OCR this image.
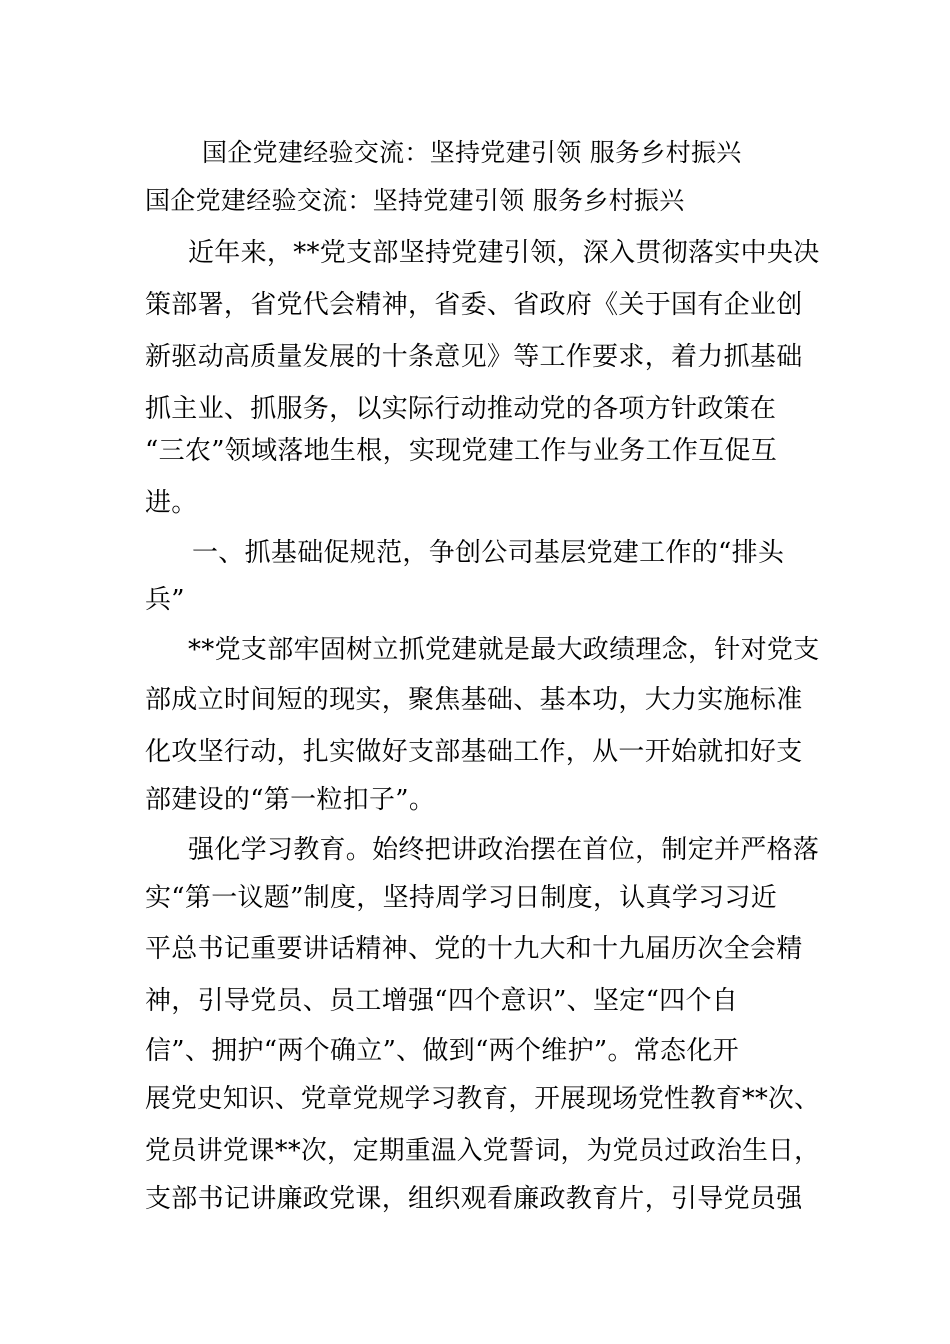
国企党建经验交流：坚持党建引领 服务乡村振兴

国企党建经验交流：坚持党建引领 服务乡村振兴

近年来，**党支部坚持党建引领，深入贯彻落实中央决

策部署，省党代会精神，省委、省政府《关于国有企业创

新驱动高质量发展的十条意见》等工作要求，着力抓基础

抓主业、抓服务，以实际行动推动党的各项方针政策在

“三农”领域落地生根，实现党建工作与业务工作互促互

进。

一、抓基础促规范，争创公司基层党建工作的“排头

兵”

**党支部牢固树立抓党建就是最大政绩理念，针对党支

部成立时间短的现实，聚焦基础、基本功，大力实施标准

化攻坚行动，扎实做好支部基础工作，从一开始就扣好支

部建设的“第一粒扣子”。

强化学习教育。始终把讲政治摆在首位，制定并严格落

实“第一议题”制度，坚持周学习日制度，认真学习习近

平总书记重要讲话精神、党的十九大和十九届历次全会精

神，引导党员、员工增强“四个意识”、坚定“四个自

信”、拥护“两个确立”、做到“两个维护”。常态化开

展党史知识、党章党规学习教育，开展现场党性教育**次、

党员讲党课**次，定期重温入党誓词，为党员过政治生日，

支部书记讲廉政党课，组织观看廉政教育片，引导党员强
